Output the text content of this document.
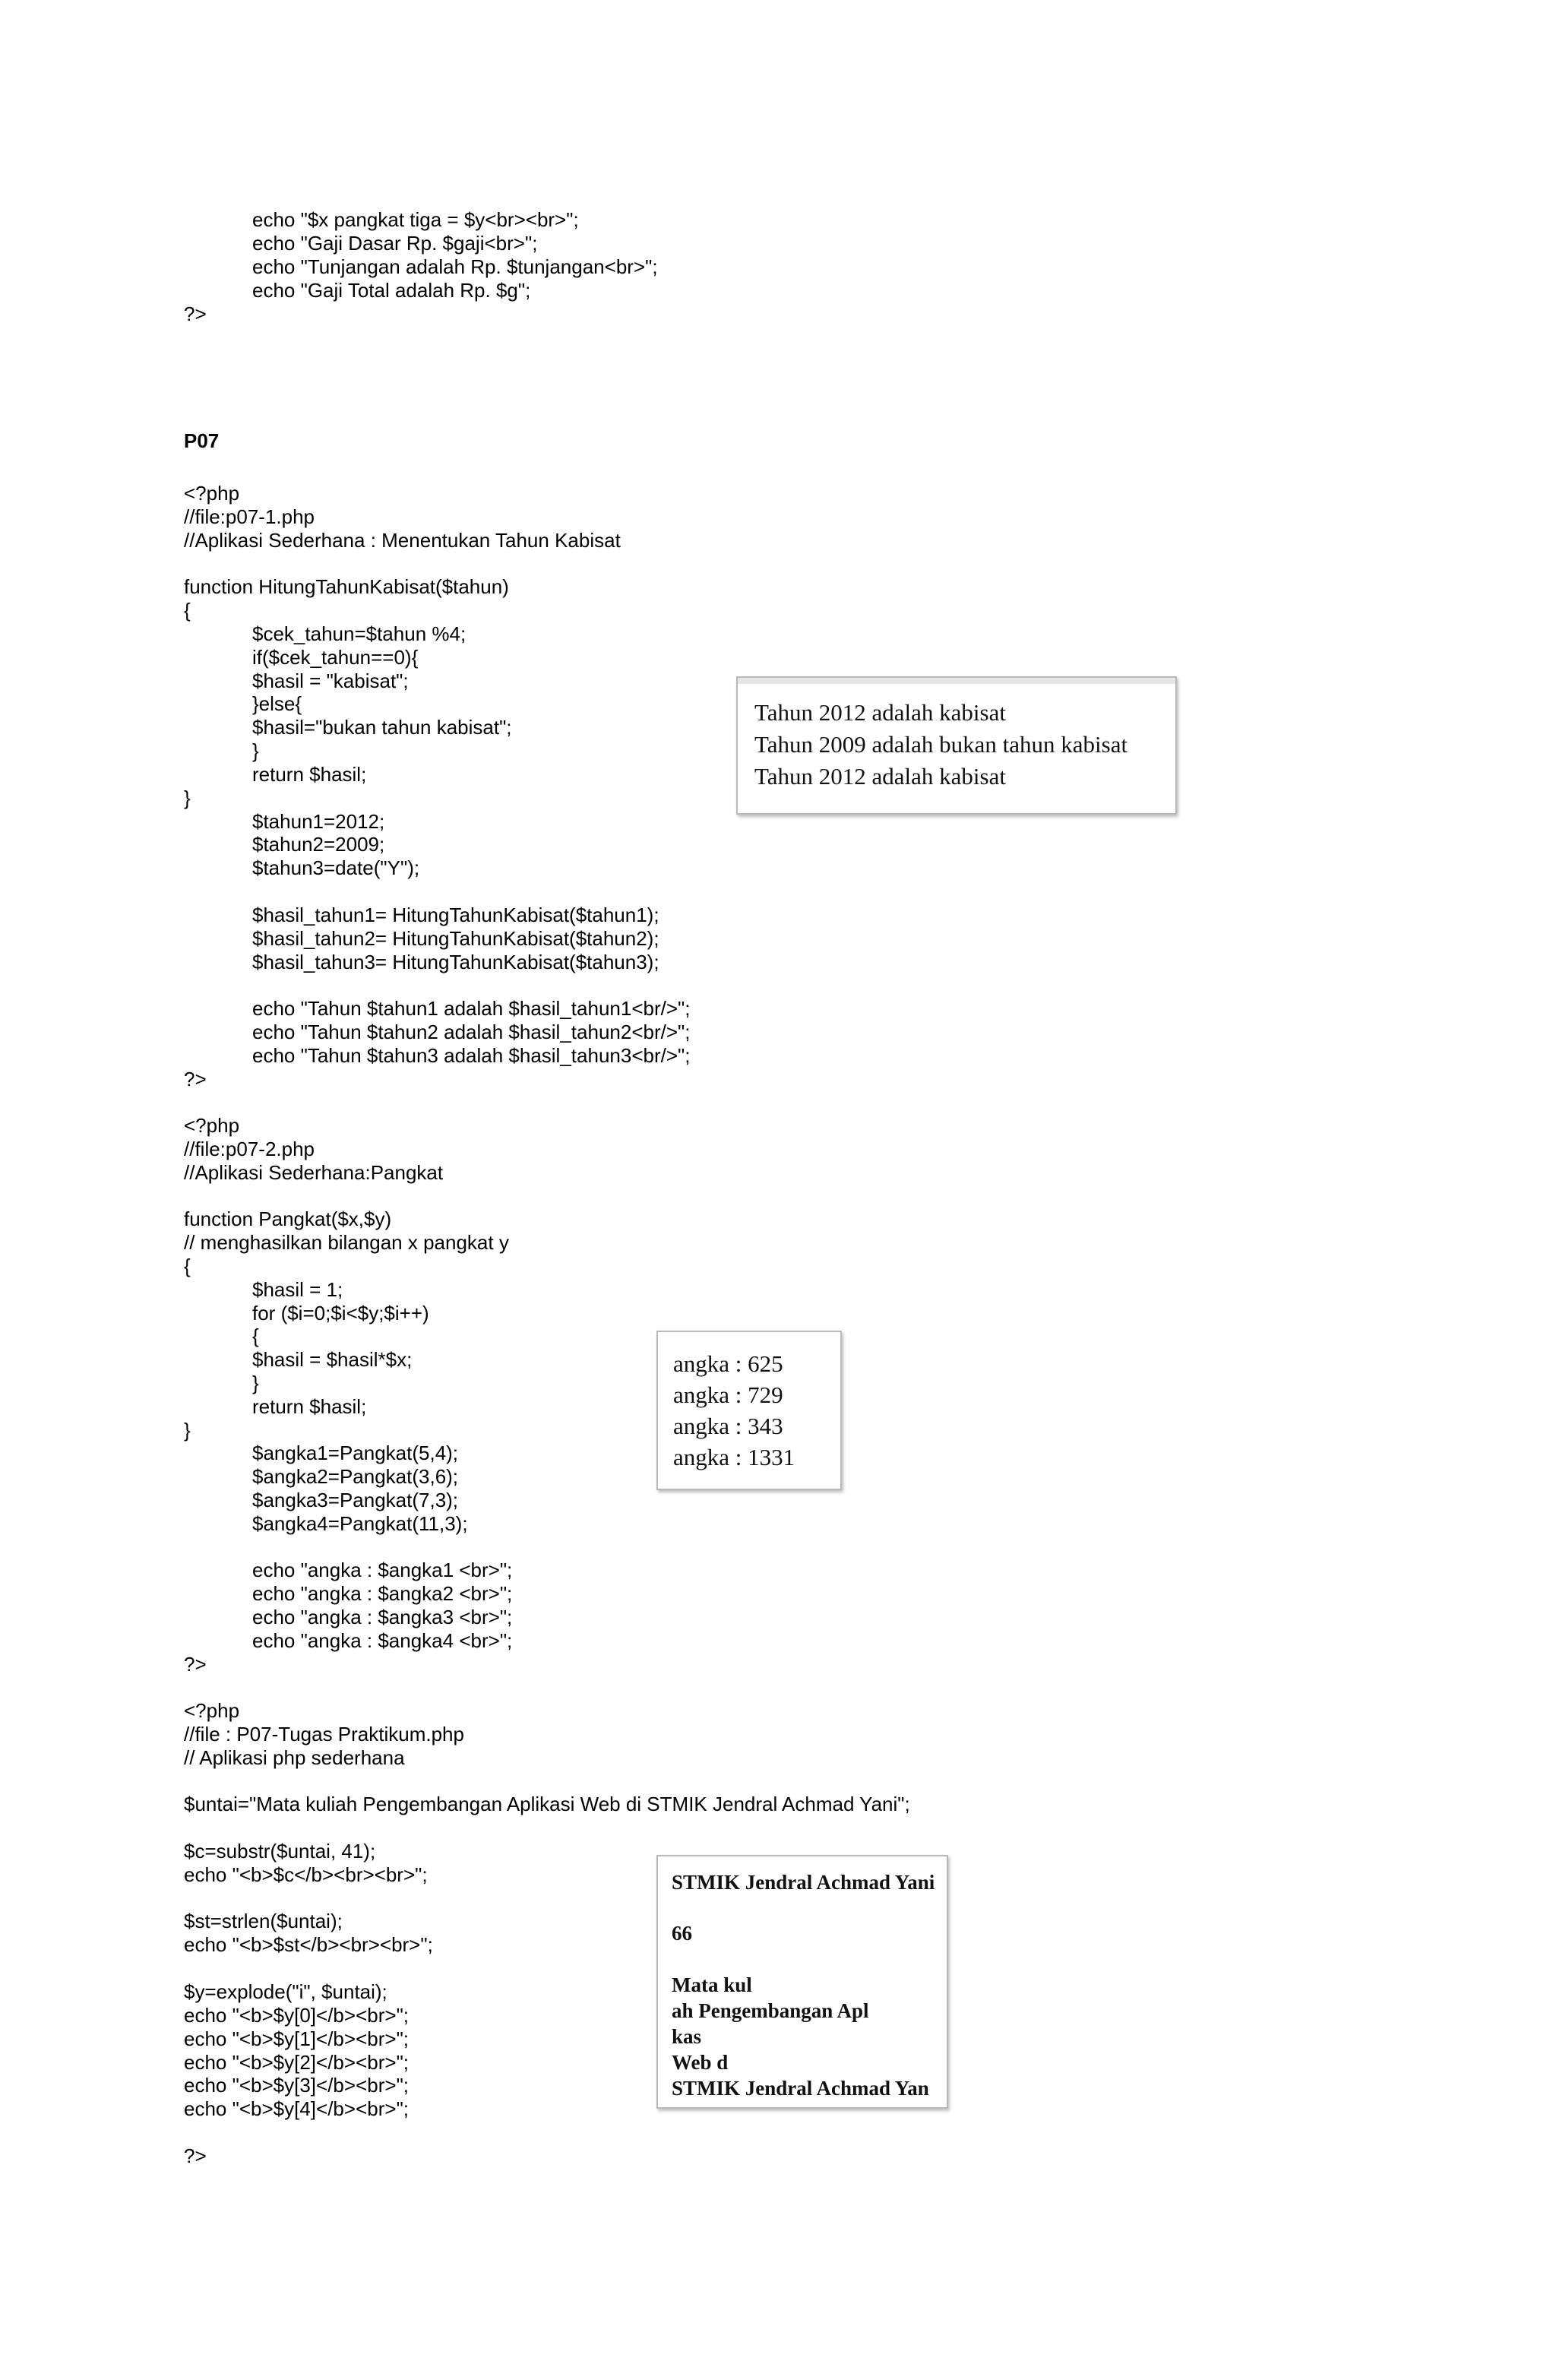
echo "$x pangkat tiga = $y<br><br>";
echo "Gaji Dasar Rp. $gaji<br>";
echo "Tunjangan adalah Rp. $tunjangan<br>";
echo "Gaji Total adalah Rp. $g";
?>
P07
<?php
//file:p07-1.php
//Aplikasi Sederhana : Menentukan Tahun Kabisat
function HitungTahunKabisat($tahun)
{
$cek_tahun=$tahun %4;
if($cek_tahun==0){
$hasil = "kabisat";
}else{
$hasil="bukan tahun kabisat";
}
return $hasil;
}
$tahun1=2012;
$tahun2=2009;
$tahun3=date("Y");
$hasil_tahun1= HitungTahunKabisat($tahun1);
$hasil_tahun2= HitungTahunKabisat($tahun2);
$hasil_tahun3= HitungTahunKabisat($tahun3);
echo "Tahun $tahun1 adalah $hasil_tahun1<br/>";
echo "Tahun $tahun2 adalah $hasil_tahun2<br/>";
echo "Tahun $tahun3 adalah $hasil_tahun3<br/>";
?>
Tahun 2012 adalah kabisat
Tahun 2009 adalah bukan tahun kabisat
Tahun 2012 adalah kabisat
<?php
//file:p07-2.php
//Aplikasi Sederhana:Pangkat
function Pangkat($x,$y)
// menghasilkan bilangan x pangkat y
{
$hasil = 1;
for ($i=0;$i<$y;$i++)
{
$hasil = $hasil*$x;
}
return $hasil;
}
$angka1=Pangkat(5,4);
$angka2=Pangkat(3,6);
$angka3=Pangkat(7,3);
$angka4=Pangkat(11,3);
echo "angka : $angka1 <br>";
echo "angka : $angka2 <br>";
echo "angka : $angka3 <br>";
echo "angka : $angka4 <br>";
?>
angka : 625
angka : 729
angka : 343
angka : 1331
<?php
//file : P07-Tugas Praktikum.php
// Aplikasi php sederhana
$untai="Mata kuliah Pengembangan Aplikasi Web di STMIK Jendral Achmad Yani";
$c=substr($untai, 41);
echo "<b>$c</b><br><br>";
$st=strlen($untai);
echo "<b>$st</b><br><br>";
$y=explode("i", $untai);
echo "<b>$y[0]</b><br>";
echo "<b>$y[1]</b><br>";
echo "<b>$y[2]</b><br>";
echo "<b>$y[3]</b><br>";
echo "<b>$y[4]</b><br>";
?>
STMIK Jendral Achmad Yani
66
Mata kul
ah Pengembangan Apl
kas
Web d
STMIK Jendral Achmad Yan
